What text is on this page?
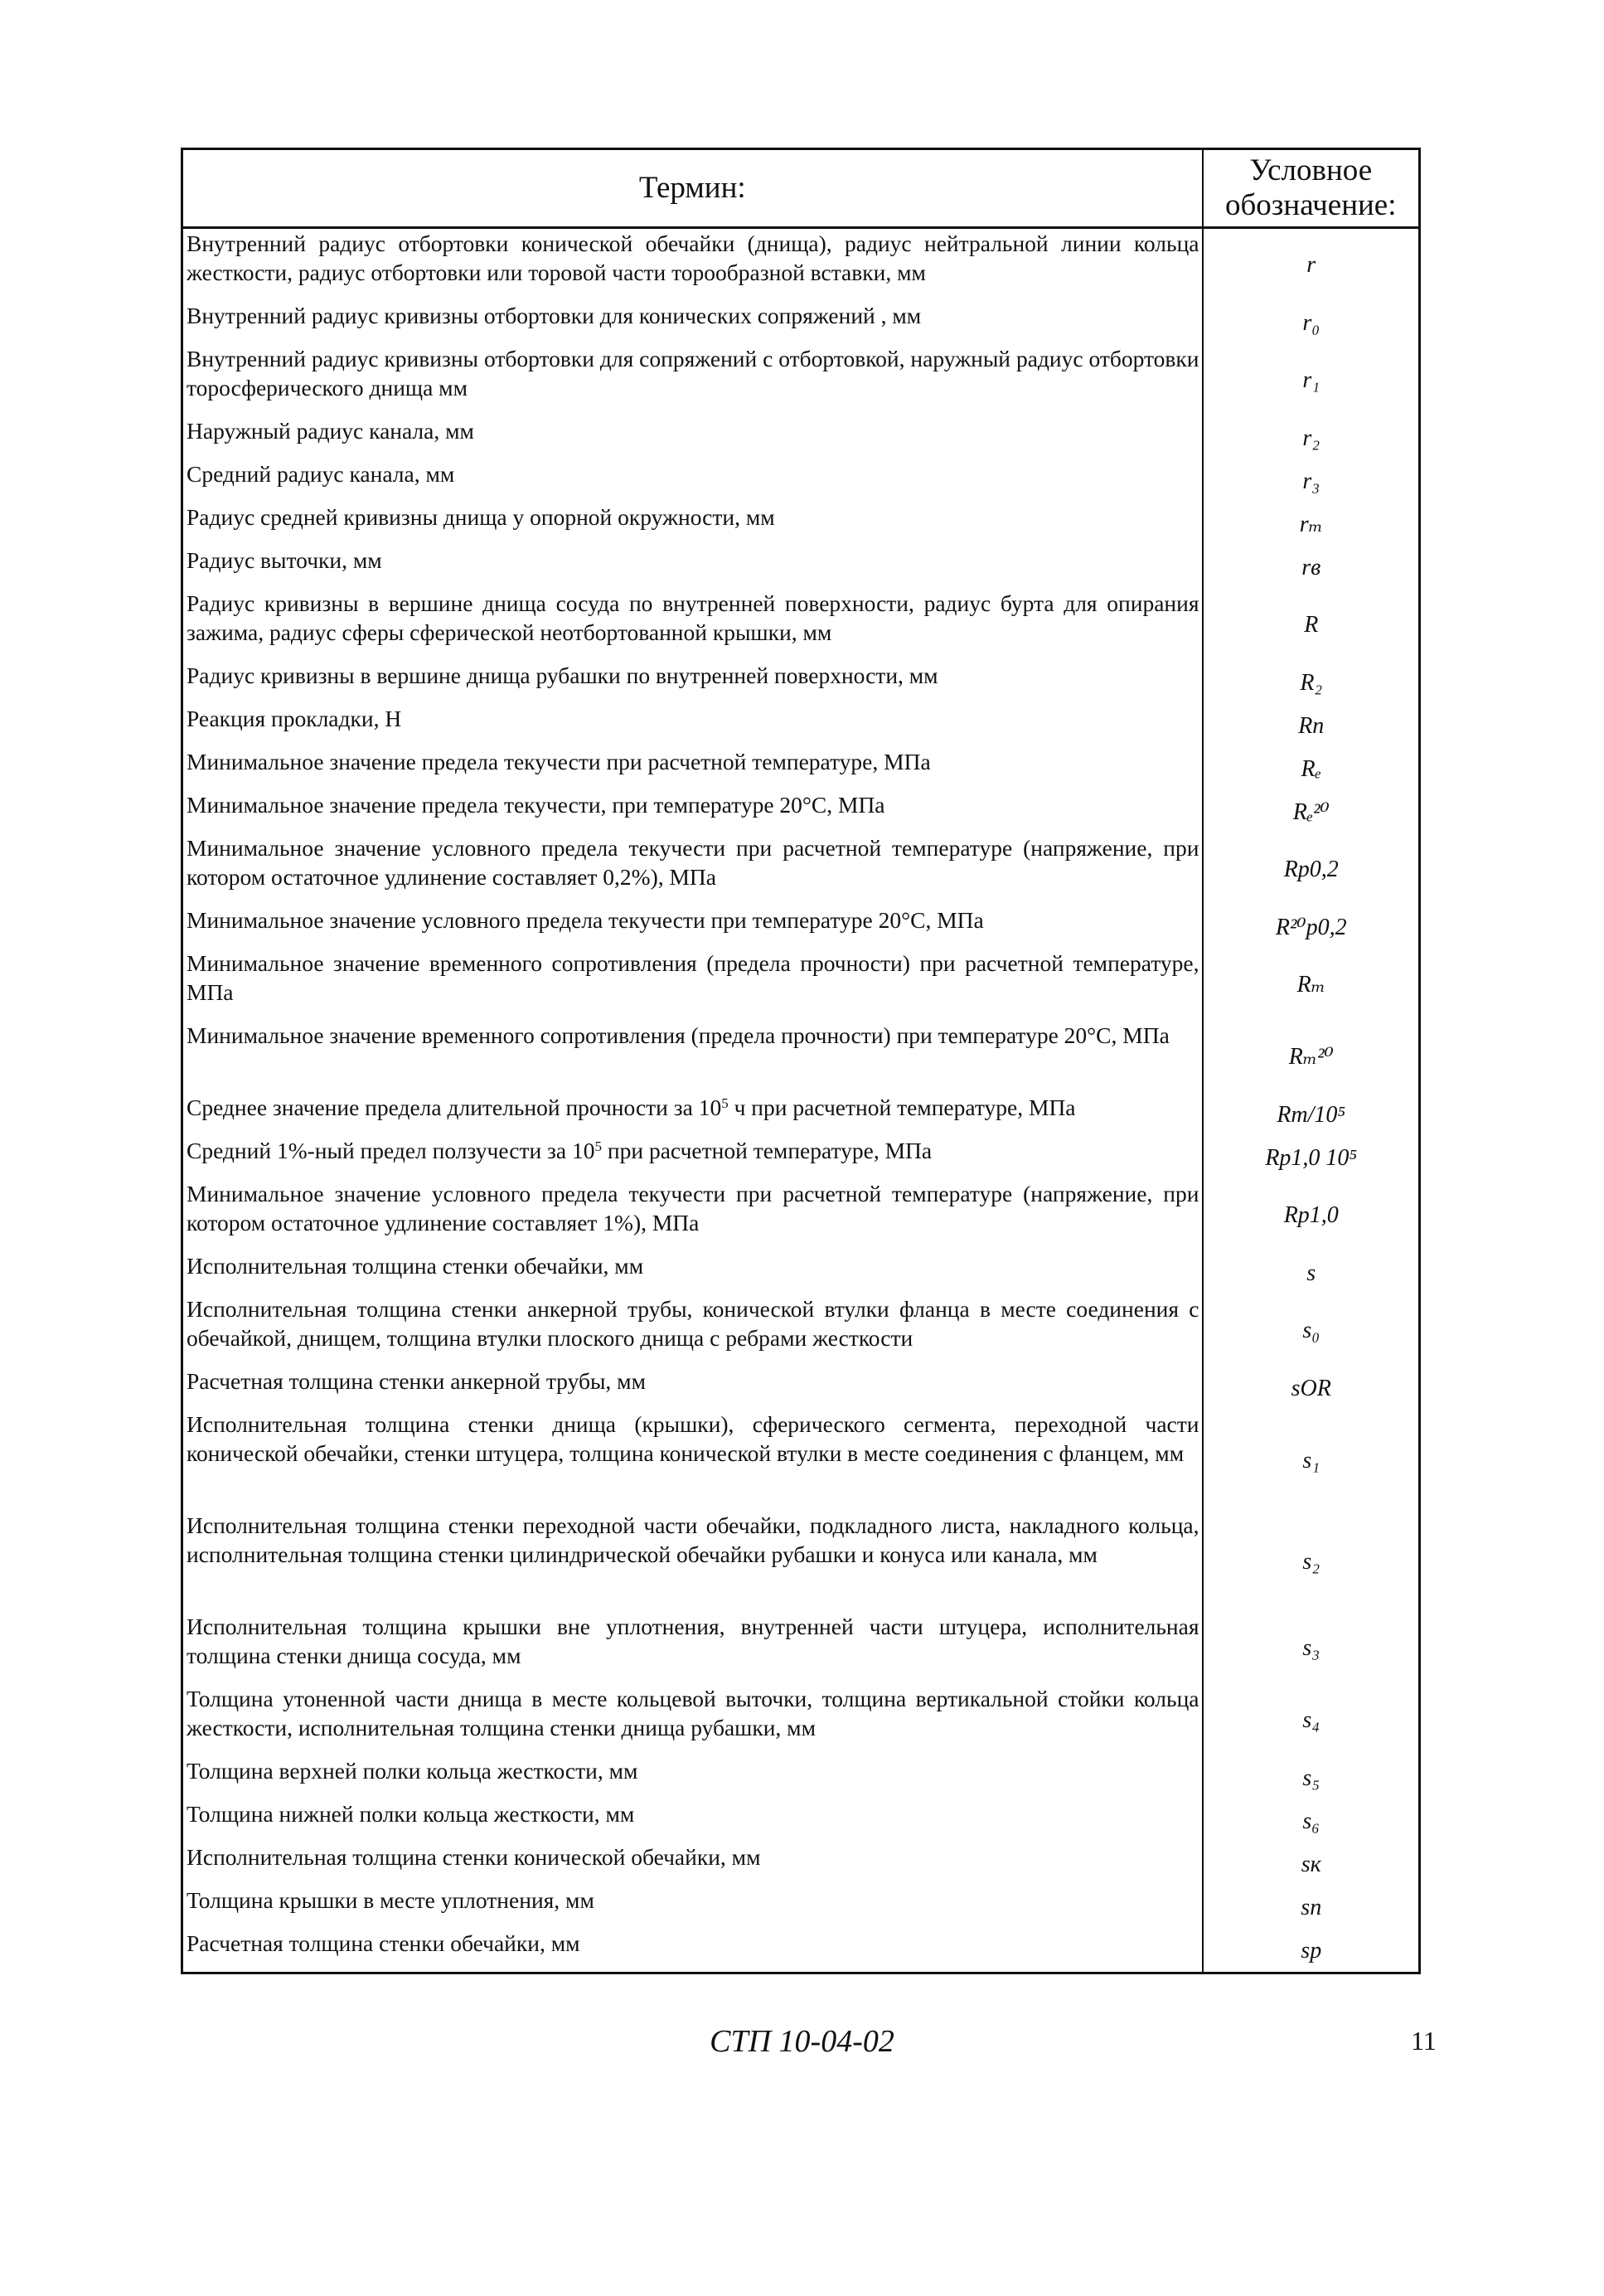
Термин:	Условное
обозначение:
Внутренний радиус отбортовки конической обечайки (днища), радиус нейтральной линии кольца жесткости, радиус отбортовки или торовой части торообразной вставки, мм	r
Внутренний радиус кривизны отбортовки для конических сопряжений , мм	r₀
Внутренний радиус кривизны отбортовки для сопряжений с отбортовкой, наружный радиус отбортовки торосферического днища мм	r₁
Наружный радиус канала, мм	r₂
Средний радиус канала, мм	r₃
Радиус средней кривизны днища у опорной окружности, мм	rₘ
Радиус выточки, мм	rв
Радиус кривизны в вершине днища сосуда по внутренней поверхности, радиус бурта для опирания зажима, радиус сферы сферической неотбортованной крышки, мм	R
Радиус кривизны в вершине днища рубашки по внутренней поверхности, мм	R₂
Реакция прокладки, Н	Rп
Минимальное значение предела текучести при расчетной температуре, МПа	Rₑ
Минимальное значение предела текучести, при температуре 20°С, МПа	Rₑ²⁰
Минимальное значение условного предела текучести при расчетной температуре (напряжение, при котором остаточное удлинение составляет 0,2%), МПа	Rp0,2
Минимальное значение условного предела текучести при температуре 20°С, МПа	R²⁰p0,2
Минимальное значение временного сопротивления (предела прочности) при расчетной температуре, МПа	Rₘ
Минимальное значение временного сопротивления (предела прочности) при температуре 20°С, МПа	Rₘ²⁰
Среднее значение предела длительной прочности за $10^5$ ч при расчетной температуре, МПа	Rm/10⁵
Средний 1%-ный предел ползучести за $10^5$ при расчетной температуре, МПа	Rp1,0 10⁵
Минимальное значение условного предела текучести при расчетной температуре (напряжение, при котором остаточное удлинение составляет 1%), МПа	Rp1,0
Исполнительная толщина стенки обечайки, мм	s
Исполнительная толщина стенки анкерной трубы, конической втулки фланца в месте соединения с обечайкой, днищем, толщина втулки плоского днища с ребрами жесткости	s₀
Расчетная толщина стенки анкерной трубы, мм	sOR
Исполнительная толщина стенки днища (крышки), сферического сегмента, переходной части конической обечайки, стенки штуцера, толщина конической втулки в месте соединения с фланцем, мм	s₁
Исполнительная толщина стенки переходной части обечайки, подкладного листа, накладного кольца, исполнительная толщина стенки цилиндрической обечайки рубашки и конуса или канала, мм	s₂
Исполнительная толщина крышки вне уплотнения, внутренней части штуцера, исполнительная толщина стенки днища сосуда, мм	s₃
Толщина утоненной части днища в месте кольцевой выточки, толщина вертикальной стойки кольца жесткости, исполнительная толщина стенки днища рубашки, мм	s₄
Толщина верхней полки кольца жесткости, мм	s₅
Толщина нижней полки кольца жесткости, мм	s₆
Исполнительная толщина стенки конической обечайки, мм	sк
Толщина крышки в месте уплотнения, мм	sп
Расчетная толщина стенки обечайки, мм	sр
СТП 10-04-02	11
